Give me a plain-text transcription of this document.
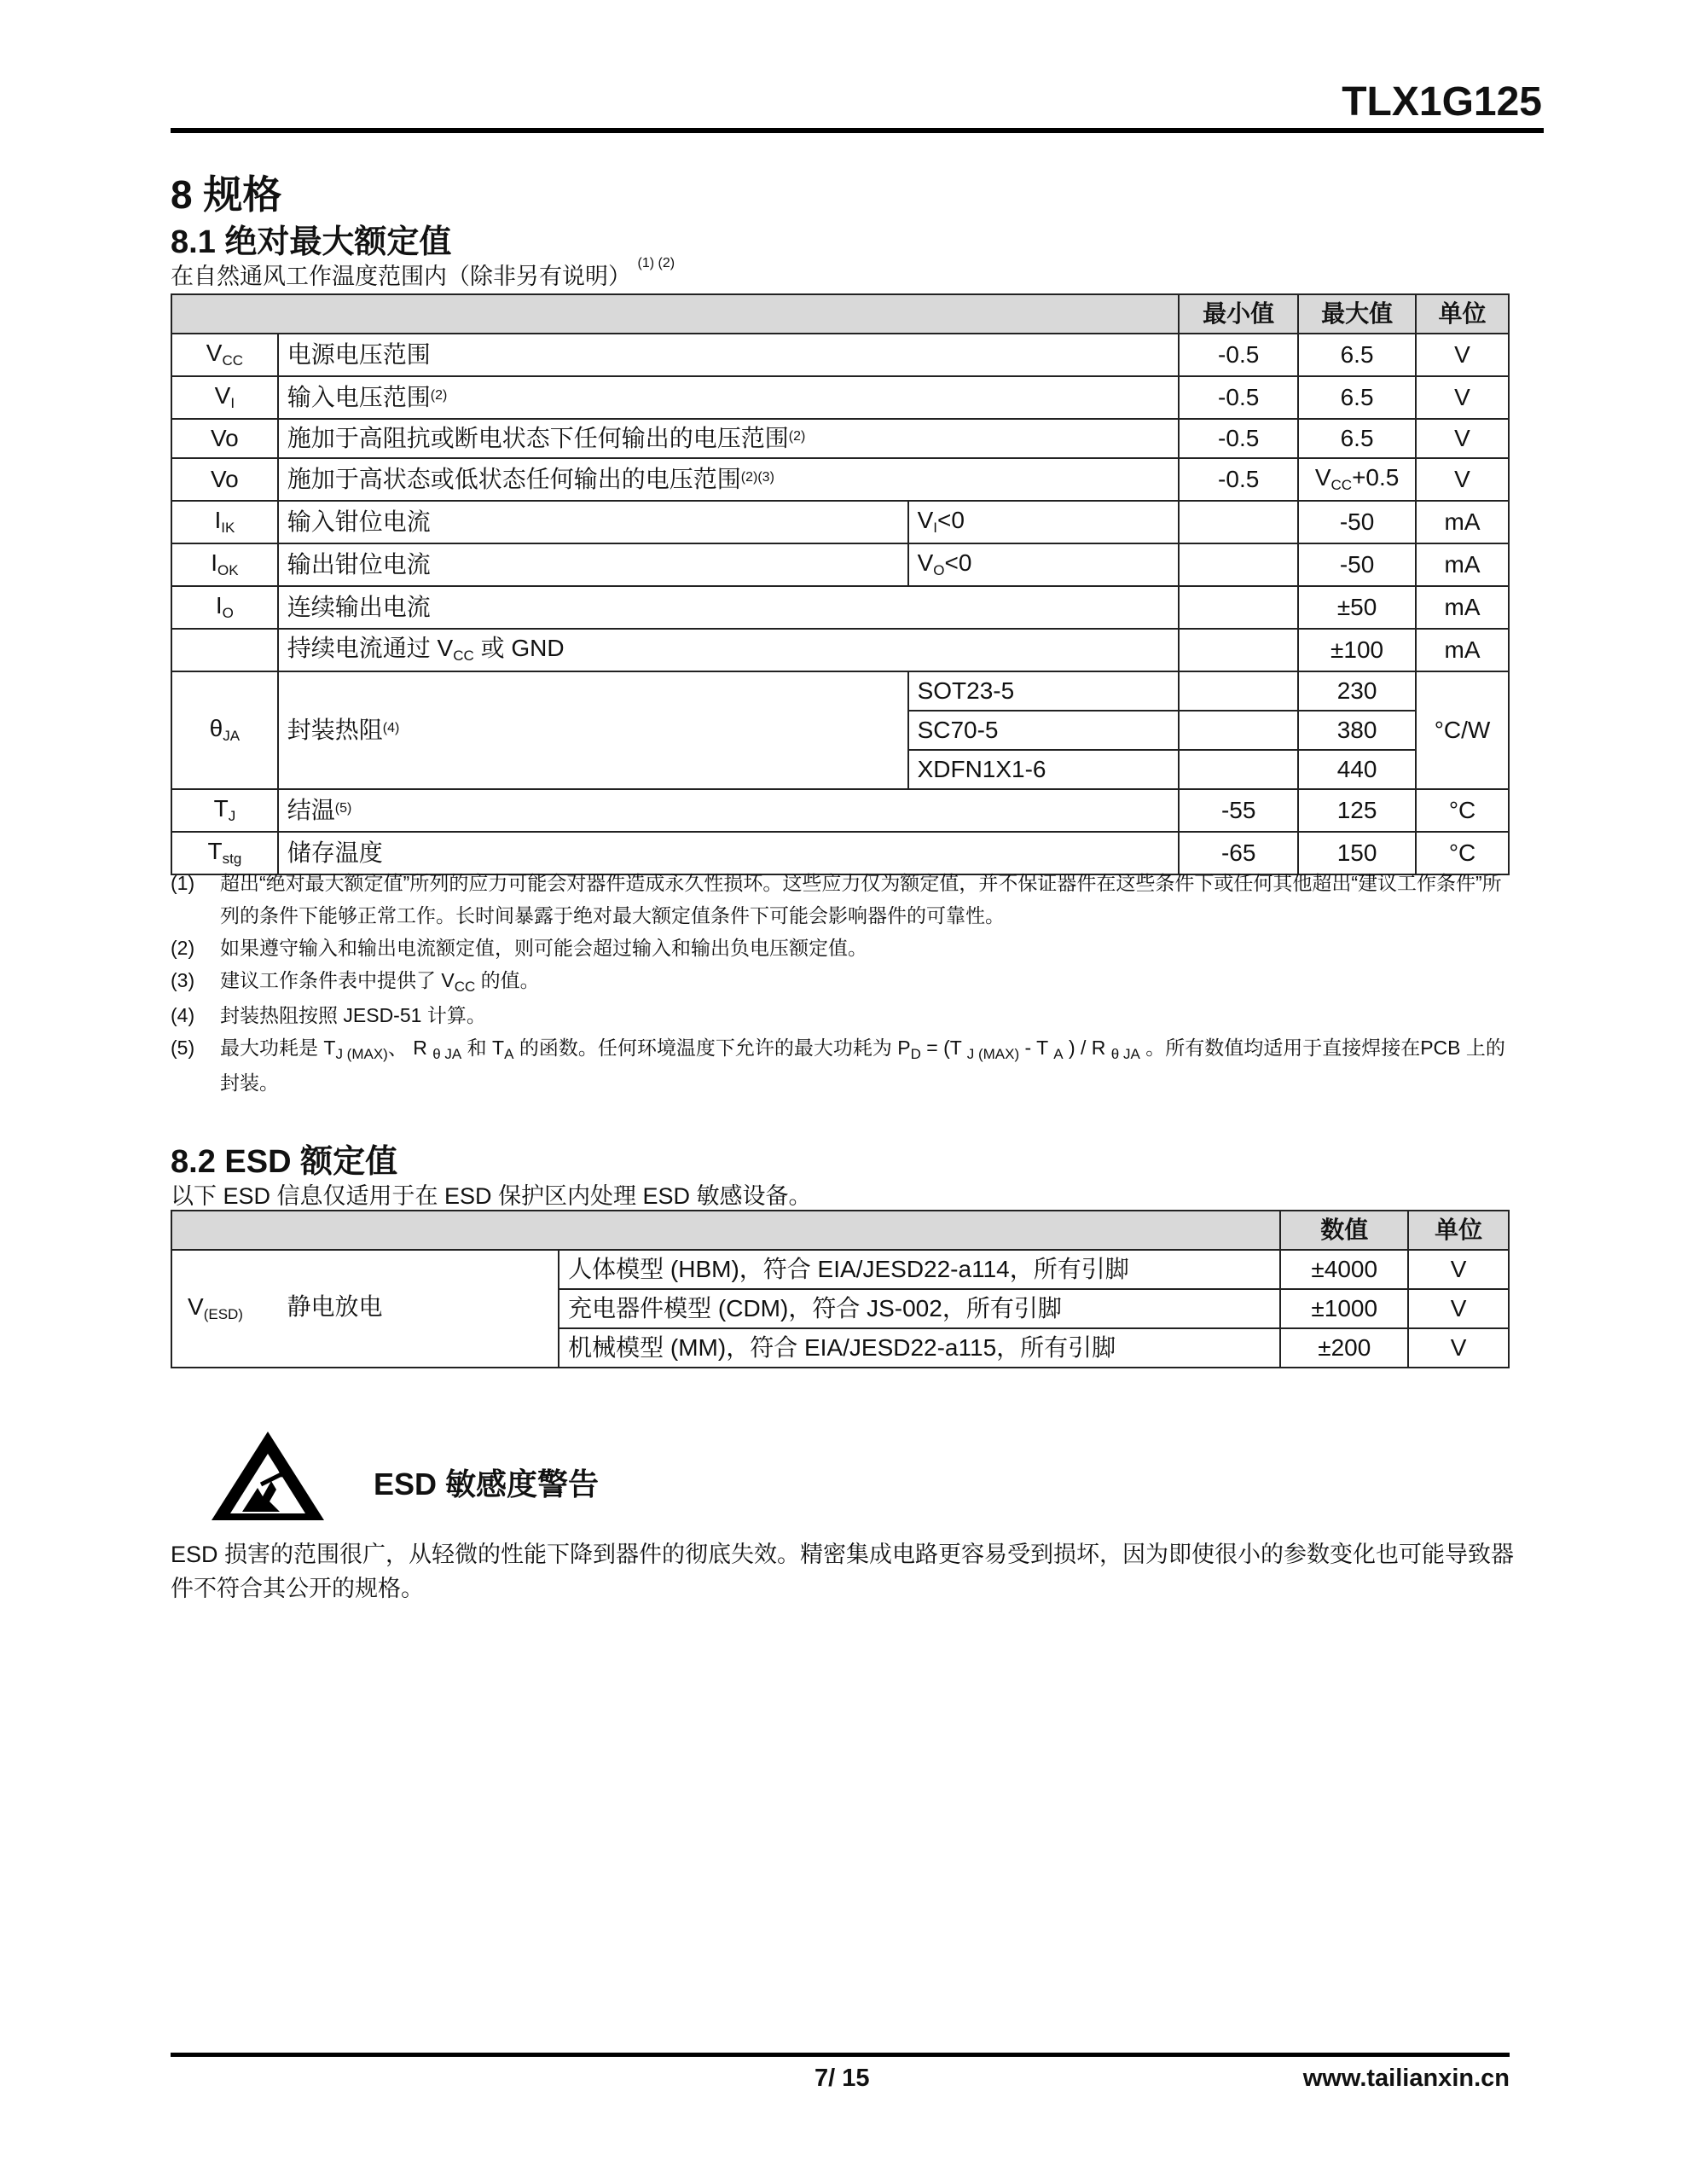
TLX1G125
8 规格
8.1 绝对最大额定值
在自然通风工作温度范围内（除非另有说明） $^{(1) (2)}$
			最小值	最大值	单位
$V_{CC}$	电源电压范围		-0.5	6.5	V
$V_I$	输入电压范围$^{(2)}$		-0.5	6.5	V
Vo	施加于高阻抗或断电状态下任何输出的电压范围$^{(2)}$		-0.5	6.5	V
Vo	施加于高状态或低状态任何输出的电压范围$^{(2)(3)}$		-0.5	$V_{CC}+0.5$	V
$I_{IK}$	输入钳位电流	$V_I<0$		-50	mA
$I_{OK}$	输出钳位电流	$V_O<0$		-50	mA
$I_O$	连续输出电流			±50	mA
	持续电流通过 $V_{CC}$ 或 GND			±100	mA
$\theta_{JA}$	封装热阻$^{(4)}$	SOT23-5		230	°C/W
		SC70-5		380	
		XDFN1X1-6		440	
$T_J$	结温$^{(5)}$		-55	125	°C
$T_{stg}$	储存温度		-65	150	°C
(1)	超出“绝对最大额定值”所列的应力可能会对器件造成永久性损坏。这些应力仅为额定值，并不保证器件在这些条件下或任何其他超出“建议工作条件”所列的条件下能够正常工作。长时间暴露于绝对最大额定值条件下可能会影响器件的可靠性。
(2)	如果遵守输入和输出电流额定值，则可能会超过输入和输出负电压额定值。
(3)	建议工作条件表中提供了 $V_{CC}$ 的值。
(4)	封装热阻按照 JESD-51 计算。
(5)	最大功耗是 $T_{J (MAX)}$、 R $_{\theta JA}$ 和 $T_A$ 的函数。任何环境温度下允许的最大功耗为 $P_D = (T$ $_{J (MAX)}$ - T $_A$ ) / R $_{\theta JA}$ 。所有数值均适用于直接焊接在PCB 上的封装。
8.2 ESD 额定值
以下 ESD 信息仅适用于在 ESD 保护区内处理 ESD 敏感设备。
		数值	单位
$V_{(ESD)}$ 静电放电	人体模型 (HBM)，符合 EIA/JESD22-a114，所有引脚	±4000	V
	充电器件模型 (CDM)，符合 JS-002，所有引脚	±1000	V
	机械模型 (MM)，符合 EIA/JESD22-a115，所有引脚	±200	V
ESD 敏感度警告
ESD 损害的范围很广，从轻微的性能下降到器件的彻底失效。精密集成电路更容易受到损坏，因为即使很小的参数变化也可能导致器件不符合其公开的规格。
7/ 15	www.tailianxin.cn
